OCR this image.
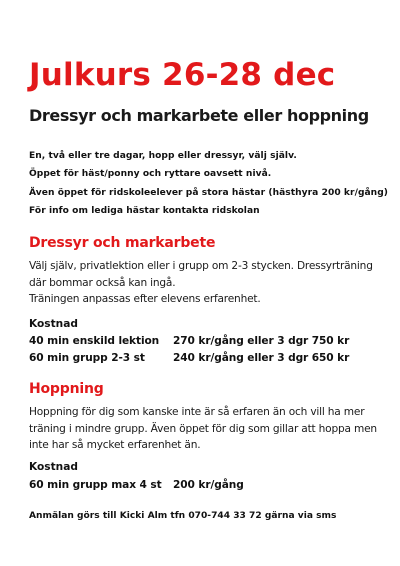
Julkurs 26-28 dec
Dressyr och markarbete eller hoppning
En, två eller tre dagar, hopp eller dressyr, välj själv.
Öppet för häst/ponny och ryttare oavsett nivå.
Även öppet för ridskoleelever på stora hästar (hästhyra 200 kr/gång)
För info om lediga hästar kontakta ridskolan
Dressyr och markarbete
Välj själv, privatlektion eller i grupp om 2-3 stycken. Dressyrträning
där bommar också kan ingå.
Träningen anpassas efter elevens erfarenhet.
Kostnad
40 min enskild lektion 270 kr/gång eller 3 dgr 750 kr
60 min grupp 2-3 st	240 kr/gång eller 3 dgr 650 kr
Hoppning
Hoppning för dig som kanske inte är så erfaren än och vill ha mer
träning i mindre grupp. Även öppet för dig som gillar att hoppa men
inte har så mycket erfarenhet än.
Kostnad
60 min grupp max 4 st 200 kr/gång
Anmälan görs till Kicki Alm tfn 070-744 33 72 gärna via sms
